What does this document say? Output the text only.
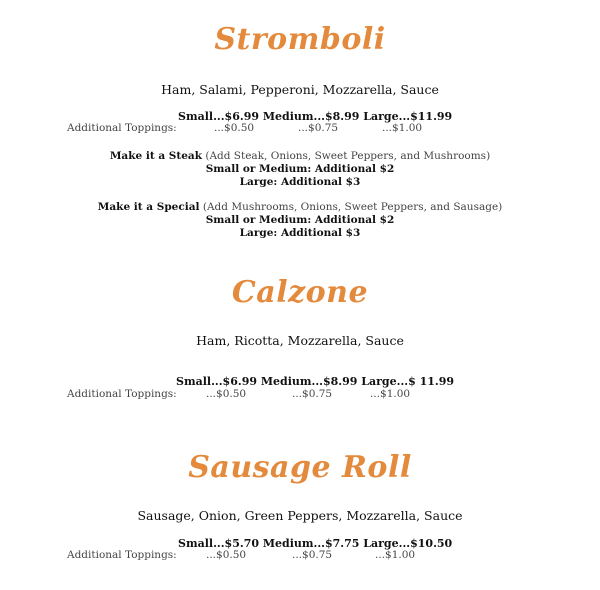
Stromboli

Ham, Salami, Pepperoni, Mozzarella, Sauce

Small...$6.99 Medium...$8.99 Large...$11.99
Additional Toppings:	...$0.50	...$0.75	...$1.00

Make it a Steak (Add Steak, Onions, Sweet Peppers, and Mushrooms)

Small or Medium: Additional $2
Large: Additional $3

Make it a Special (Add Mushrooms, Onions, Sweet Peppers, and Sausage)

Small or Medium: Additional $2
Large: Additional $3
Calzone

Ham, Ricotta, Mozzarella, Sauce

Small...$6.99 Medium...$8.99 Large...$ 11.99
Additional Toppings:	...$0.50	...$0.75	...$1.00
Sausage Roll

Sausage, Onion, Green Peppers, Mozzarella, Sauce

Small...$5.70 Medium...$7.75 Large...$10.50
Additional Toppings:	...$0.50	...$0.75	...$1.00
